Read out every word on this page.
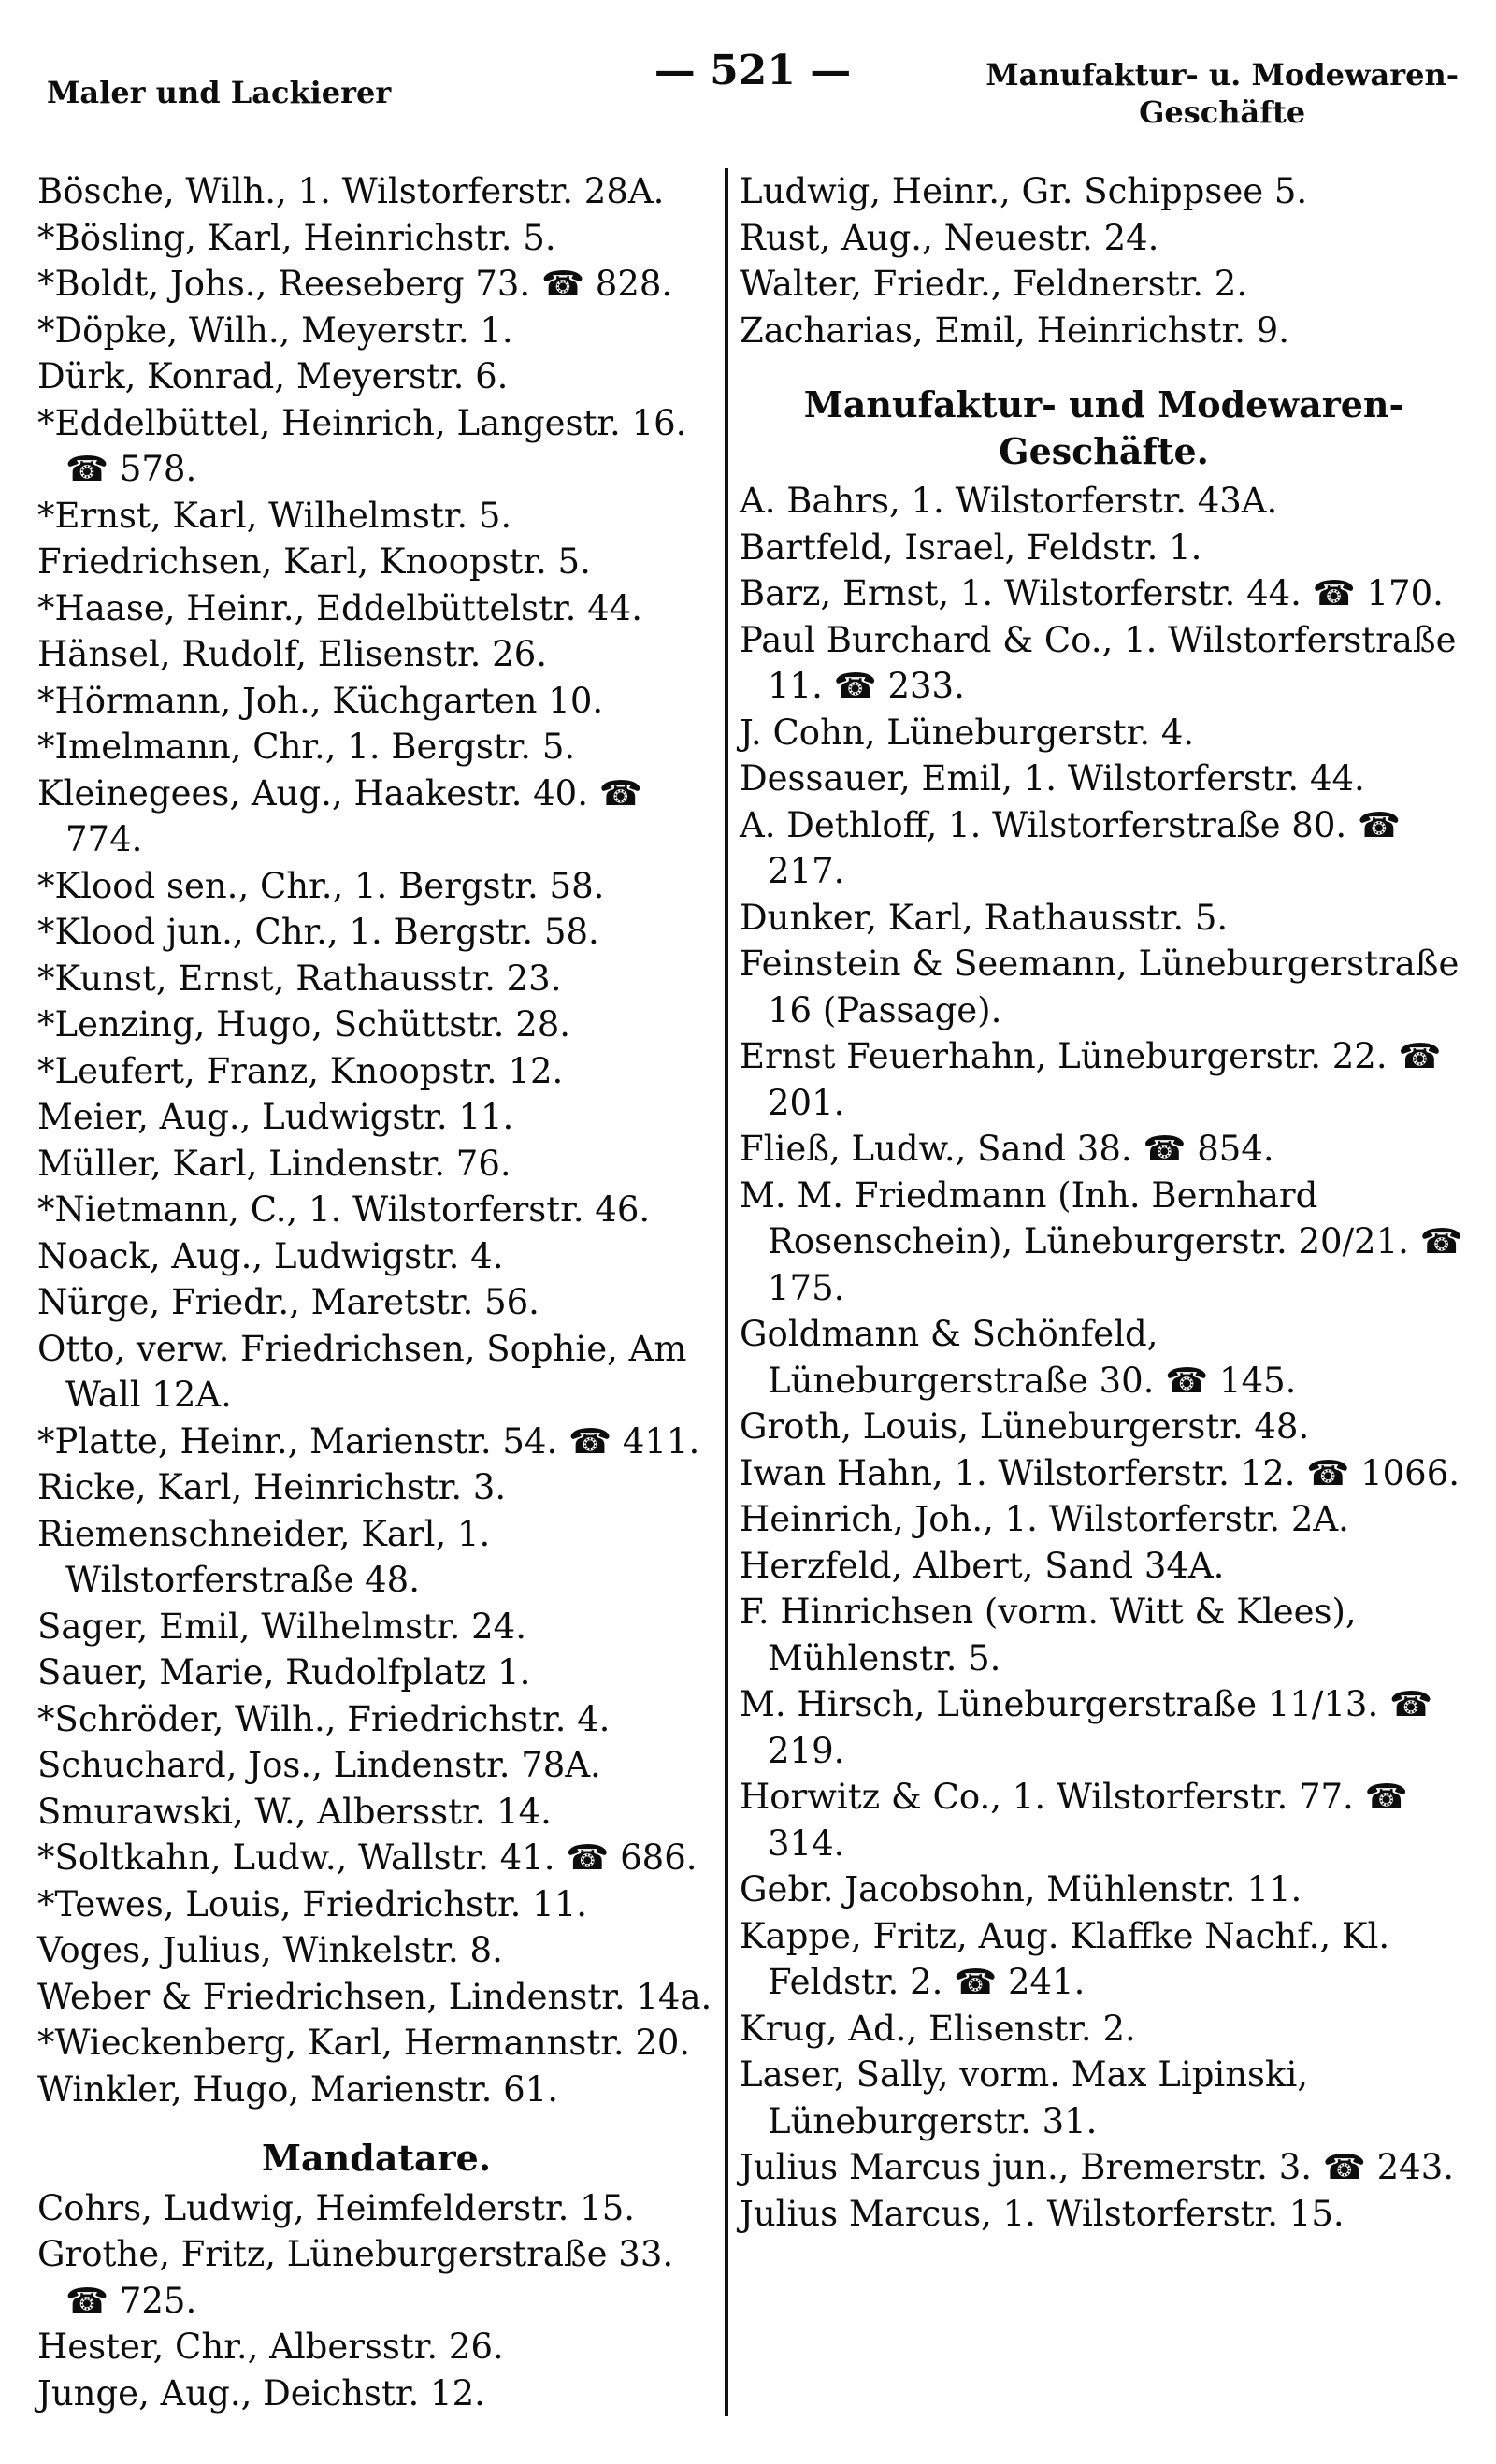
Maler und Lackierer	— 521 —	Manufaktur- u. Modewaren-
Geschäfte
Bösche, Wilh., 1. Wilstorferstr. 28A.
*Bösling, Karl, Heinrichstr. 5.
*Boldt, Johs., Reeseberg 73. ☎ 828.
*Döpke, Wilh., Meyerstr. 1.
Dürk, Konrad, Meyerstr. 6.
*Eddelbüttel, Heinrich, Langestr. 16. ☎ 578.
*Ernst, Karl, Wilhelmstr. 5.
Friedrichsen, Karl, Knoopstr. 5.
*Haase, Heinr., Eddelbüttelstr. 44.
Hänsel, Rudolf, Elisenstr. 26.
*Hörmann, Joh., Küchgarten 10.
*Imelmann, Chr., 1. Bergstr. 5.
Kleinegees, Aug., Haakestr. 40. ☎ 774.
*Klood sen., Chr., 1. Bergstr. 58.
*Klood jun., Chr., 1. Bergstr. 58.
*Kunst, Ernst, Rathausstr. 23.
*Lenzing, Hugo, Schüttstr. 28.
*Leufert, Franz, Knoopstr. 12.
Meier, Aug., Ludwigstr. 11.
Müller, Karl, Lindenstr. 76.
*Nietmann, C., 1. Wilstorferstr. 46.
Noack, Aug., Ludwigstr. 4.
Nürge, Friedr., Maretstr. 56.
Otto, verw. Friedrichsen, Sophie, Am Wall 12A.
*Platte, Heinr., Marienstr. 54. ☎ 411.
Ricke, Karl, Heinrichstr. 3.
Riemenschneider, Karl, 1. Wilstorferstraße 48.
Sager, Emil, Wilhelmstr. 24.
Sauer, Marie, Rudolfplatz 1.
*Schröder, Wilh., Friedrichstr. 4.
Schuchard, Jos., Lindenstr. 78A.
Smurawski, W., Albersstr. 14.
*Soltkahn, Ludw., Wallstr. 41. ☎ 686.
*Tewes, Louis, Friedrichstr. 11.
Voges, Julius, Winkelstr. 8.
Weber & Friedrichsen, Lindenstr. 14a.
*Wieckenberg, Karl, Hermannstr. 20.
Winkler, Hugo, Marienstr. 61.
Mandatare.
Cohrs, Ludwig, Heimfelderstr. 15.
Grothe, Fritz, Lüneburgerstraße 33. ☎ 725.
Hester, Chr., Albersstr. 26.
Junge, Aug., Deichstr. 12.
Ludwig, Heinr., Gr. Schippsee 5.
Rust, Aug., Neuestr. 24.
Walter, Friedr., Feldnerstr. 2.
Zacharias, Emil, Heinrichstr. 9.
Manufaktur- und Modewaren-
Geschäfte.
A. Bahrs, 1. Wilstorferstr. 43A.
Bartfeld, Israel, Feldstr. 1.
Barz, Ernst, 1. Wilstorferstr. 44. ☎ 170.
Paul Burchard & Co., 1. Wilstorferstraße 11. ☎ 233.
J. Cohn, Lüneburgerstr. 4.
Dessauer, Emil, 1. Wilstorferstr. 44.
A. Dethloff, 1. Wilstorferstraße 80. ☎ 217.
Dunker, Karl, Rathausstr. 5.
Feinstein & Seemann, Lüneburgerstraße 16 (Passage).
Ernst Feuerhahn, Lüneburgerstr. 22. ☎ 201.
Fließ, Ludw., Sand 38. ☎ 854.
M. M. Friedmann (Inh. Bernhard Rosenschein), Lüneburgerstr. 20/21. ☎ 175.
Goldmann & Schönfeld, Lüneburgerstraße 30. ☎ 145.
Groth, Louis, Lüneburgerstr. 48.
Iwan Hahn, 1. Wilstorferstr. 12. ☎ 1066.
Heinrich, Joh., 1. Wilstorferstr. 2A.
Herzfeld, Albert, Sand 34A.
F. Hinrichsen (vorm. Witt & Klees), Mühlenstr. 5.
M. Hirsch, Lüneburgerstraße 11/13. ☎ 219.
Horwitz & Co., 1. Wilstorferstr. 77. ☎ 314.
Gebr. Jacobsohn, Mühlenstr. 11.
Kappe, Fritz, Aug. Klaffke Nachf., Kl. Feldstr. 2. ☎ 241.
Krug, Ad., Elisenstr. 2.
Laser, Sally, vorm. Max Lipinski, Lüneburgerstr. 31.
Julius Marcus jun., Bremerstr. 3. ☎ 243.
Julius Marcus, 1. Wilstorferstr. 15.
